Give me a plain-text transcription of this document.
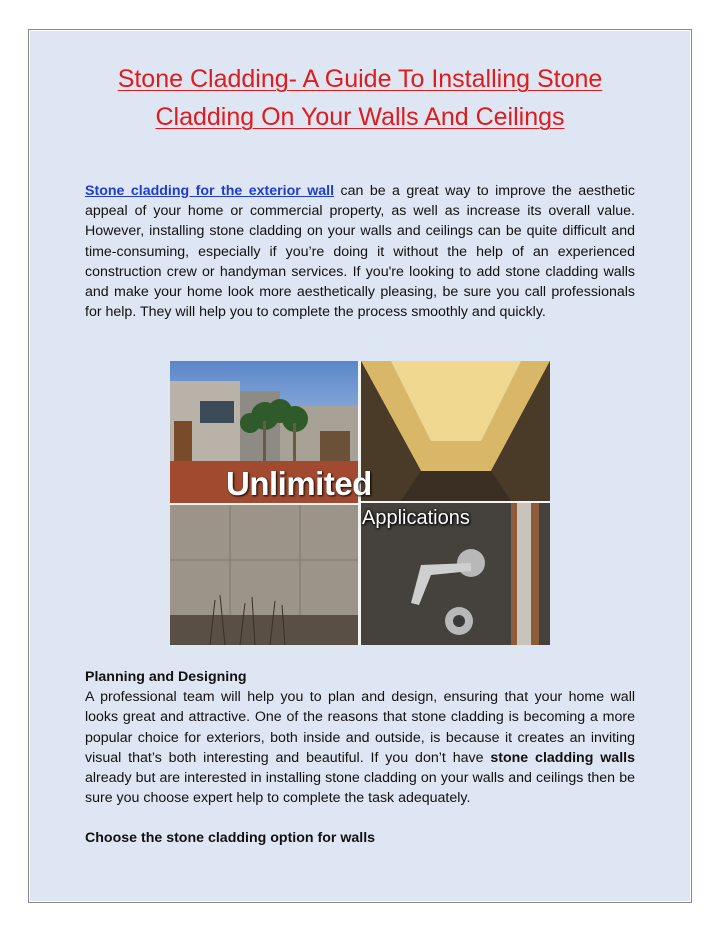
Stone Cladding- A Guide To Installing Stone
Cladding On Your Walls And Ceilings

Stone cladding for the exterior wall can be a great way to improve the aesthetic appeal of your home or commercial property, as well as increase its overall value. However, installing stone cladding on your walls and ceilings can be quite difficult and time-consuming, especially if you’re doing it without the help of an experienced construction crew or handyman services. If you're looking to add stone cladding walls and make your home look more aesthetically pleasing, be sure you call professionals for help. They will help you to complete the process smoothly and quickly.

Unlimited
Applications
Planning and Designing
A professional team will help you to plan and design, ensuring that your home wall looks great and attractive. One of the reasons that stone cladding is becoming a more popular choice for exteriors, both inside and outside, is because it creates an inviting visual that’s both interesting and beautiful. If you don’t have stone cladding walls already but are interested in installing stone cladding on your walls and ceilings then be sure you choose expert help to complete the task adequately.
Choose the stone cladding option for walls
